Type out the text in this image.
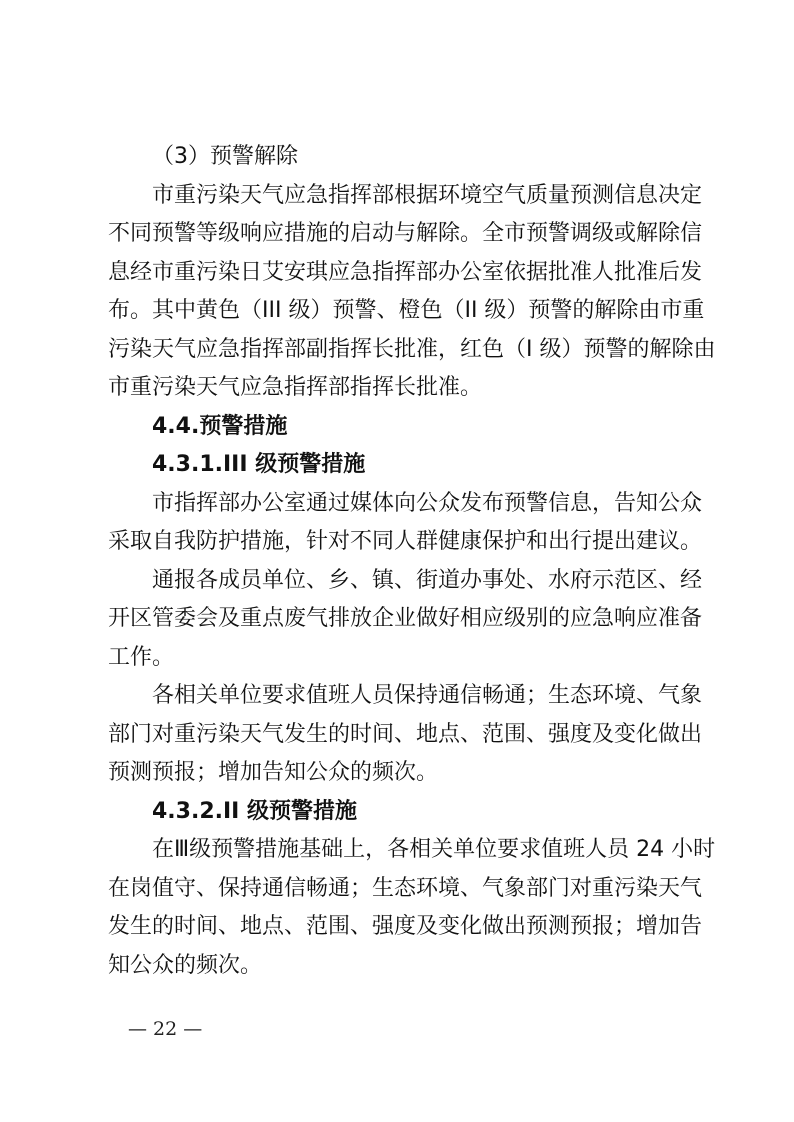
（3）预警解除
市重污染天气应急指挥部根据环境空气质量预测信息决定
不同预警等级响应措施的启动与解除。全市预警调级或解除信
息经市重污染日艾安琪应急指挥部办公室依据批准人批准后发
布。其中黄色（III 级）预警、橙色（II 级）预警的解除由市重
污染天气应急指挥部副指挥长批准，红色（I 级）预警的解除由
市重污染天气应急指挥部指挥长批准。
4.4.预警措施
4.3.1.III 级预警措施
市指挥部办公室通过媒体向公众发布预警信息，告知公众
采取自我防护措施，针对不同人群健康保护和出行提出建议。
通报各成员单位、乡、镇、街道办事处、水府示范区、经
开区管委会及重点废气排放企业做好相应级别的应急响应准备
工作。
各相关单位要求值班人员保持通信畅通；生态环境、气象
部门对重污染天气发生的时间、地点、范围、强度及变化做出
预测预报；增加告知公众的频次。
4.3.2.II 级预警措施
在Ⅲ级预警措施基础上，各相关单位要求值班人员 24 小时
在岗值守、保持通信畅通；生态环境、气象部门对重污染天气
发生的时间、地点、范围、强度及变化做出预测预报；增加告
知公众的频次。
— 22 —
